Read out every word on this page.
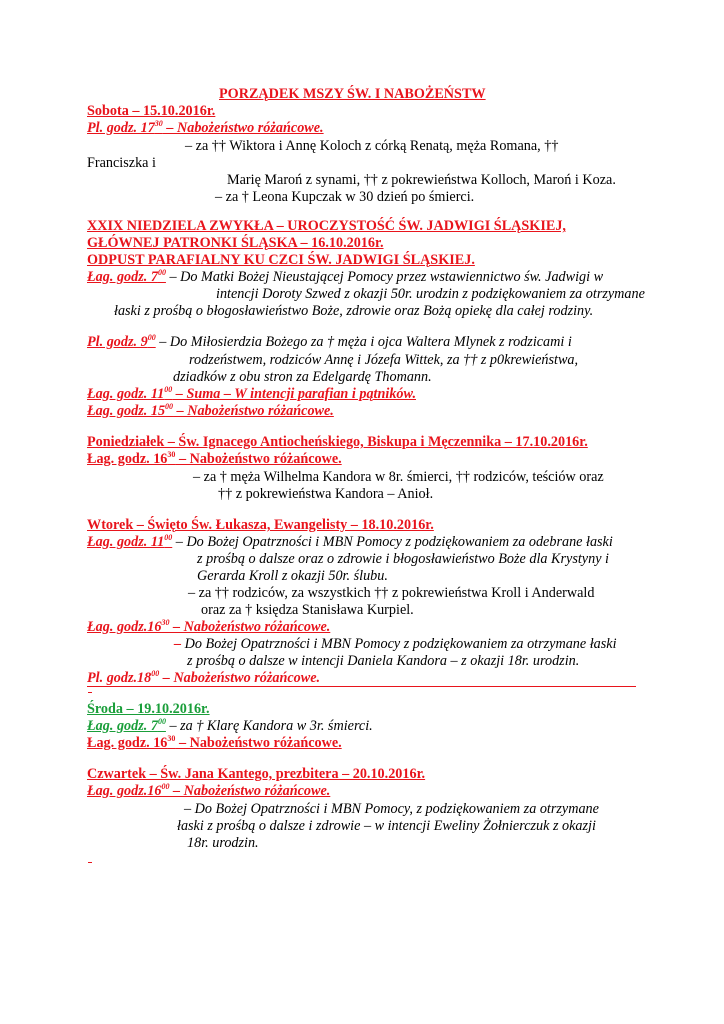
PORZĄDEK MSZY ŚW. I NABOŻEŃSTW
Sobota – 15.10.2016r.
Pl. godz. $17^{30}$ – Nabożeństwo różańcowe.
– za †† Wiktora i Annę Koloch z córką Renatą, męża Romana, ††
Franciszka i
Marię Maroń z synami, †† z pokrewieństwa Kolloch, Maroń i Koza.
– za † Leona Kupczak w 30 dzień po śmierci.
XXIX NIEDZIELA ZWYKŁA – UROCZYSTOŚĆ ŚW. JADWIGI ŚLĄSKIEJ,
GŁÓWNEJ PATRONKI ŚLĄSKA – 16.10.2016r.
ODPUST PARAFIALNY KU CZCI ŚW. JADWIGI ŚLĄSKIEJ.
Łag. godz. $7^{00}$ – Do Matki Bożej Nieustającej Pomocy przez wstawiennictwo św. Jadwigi w
intencji Doroty Szwed z okazji 50r. urodzin z podziękowaniem za otrzymane
łaski z prośbą o błogosławieństwo Boże, zdrowie oraz Bożą opiekę dla całej rodziny.
Pl. godz. $9^{00}$ – Do Miłosierdzia Bożego za † męża i ojca Waltera Mlynek z rodzicami i
rodzeństwem, rodziców Annę i Józefa Wittek, za †† z p0krewieństwa,
dziadków z obu stron za Edelgardę Thomann.
Łag. godz. $11^{00}$ – Suma – W intencji parafian i pątników.
Łag. godz. $15^{00}$ – Nabożeństwo różańcowe.
Poniedziałek – Św. Ignacego Antiocheńskiego, Biskupa i Męczennika – 17.10.2016r.
Łag. godz. $16^{30}$ – Nabożeństwo różańcowe.
– za † męża Wilhelma Kandora w 8r. śmierci, †† rodziców, teściów oraz
†† z pokrewieństwa Kandora – Anioł.
Wtorek – Święto Św. Łukasza, Ewangelisty – 18.10.2016r.
Łag. godz. $11^{00}$ – Do Bożej Opatrzności i MBN Pomocy z podziękowaniem za odebrane łaski
z prośbą o dalsze oraz o zdrowie i błogosławieństwo Boże dla Krystyny i
Gerarda Kroll z okazji 50r. ślubu.
– za †† rodziców, za wszystkich †† z pokrewieństwa Kroll i Anderwald
oraz za † księdza Stanisława Kurpiel.
Łag. $godz.16^{30}$ – Nabożeństwo różańcowe.
– Do Bożej Opatrzności i MBN Pomocy z podziękowaniem za otrzymane łaski
z prośbą o dalsze w intencji Daniela Kandora – z okazji 18r. urodzin.
Pl. $godz.18^{00}$ – Nabożeństwo różańcowe.
Środa – 19.10.2016r.
Łag. godz. $7^{00}$ – za † Klarę Kandora w 3r. śmierci.
Łag. godz. $16^{30}$ – Nabożeństwo różańcowe.
Czwartek – Św. Jana Kantego, prezbitera – 20.10.2016r.
Łag. $godz.16^{00}$ – Nabożeństwo różańcowe.
– Do Bożej Opatrzności i MBN Pomocy, z podziękowaniem za otrzymane
łaski z prośbą o dalsze i zdrowie – w intencji Eweliny Żołnierczuk z okazji
18r. urodzin.
